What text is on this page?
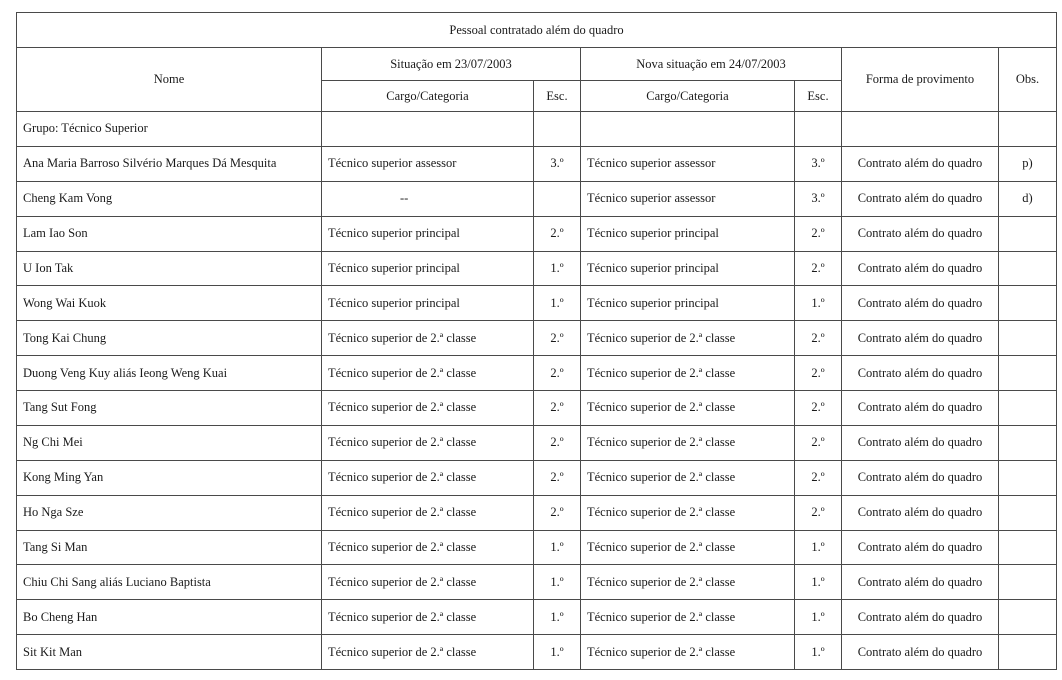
Pessoal contratado além do quadro						
Nome	Situação em 23/07/2003		Nova situação em 24/07/2003		Forma de provimento	Obs.
	Cargo/Categoria	Esc.	Cargo/Categoria	Esc.		
Grupo: Técnico Superior						
Ana Maria Barroso Silvério Marques Dá Mesquita	Técnico superior assessor	3.º	Técnico superior assessor	3.º	Contrato além do quadro	p)
Cheng Kam Vong	--		Técnico superior assessor	3.º	Contrato além do quadro	d)
Lam Iao Son	Técnico superior principal	2.º	Técnico superior principal	2.º	Contrato além do quadro	
U Ion Tak	Técnico superior principal	1.º	Técnico superior principal	2.º	Contrato além do quadro	
Wong Wai Kuok	Técnico superior principal	1.º	Técnico superior principal	1.º	Contrato além do quadro	
Tong Kai Chung	Técnico superior de 2.ª classe	2.º	Técnico superior de 2.ª classe	2.º	Contrato além do quadro	
Duong Veng Kuy aliás Ieong Weng Kuai	Técnico superior de 2.ª classe	2.º	Técnico superior de 2.ª classe	2.º	Contrato além do quadro	
Tang Sut Fong	Técnico superior de 2.ª classe	2.º	Técnico superior de 2.ª classe	2.º	Contrato além do quadro	
Ng Chi Mei	Técnico superior de 2.ª classe	2.º	Técnico superior de 2.ª classe	2.º	Contrato além do quadro	
Kong Ming Yan	Técnico superior de 2.ª classe	2.º	Técnico superior de 2.ª classe	2.º	Contrato além do quadro	
Ho Nga Sze	Técnico superior de 2.ª classe	2.º	Técnico superior de 2.ª classe	2.º	Contrato além do quadro	
Tang Si Man	Técnico superior de 2.ª classe	1.º	Técnico superior de 2.ª classe	1.º	Contrato além do quadro	
Chiu Chi Sang aliás Luciano Baptista	Técnico superior de 2.ª classe	1.º	Técnico superior de 2.ª classe	1.º	Contrato além do quadro	
Bo Cheng Han	Técnico superior de 2.ª classe	1.º	Técnico superior de 2.ª classe	1.º	Contrato além do quadro	
Sit Kit Man	Técnico superior de 2.ª classe	1.º	Técnico superior de 2.ª classe	1.º	Contrato além do quadro	
